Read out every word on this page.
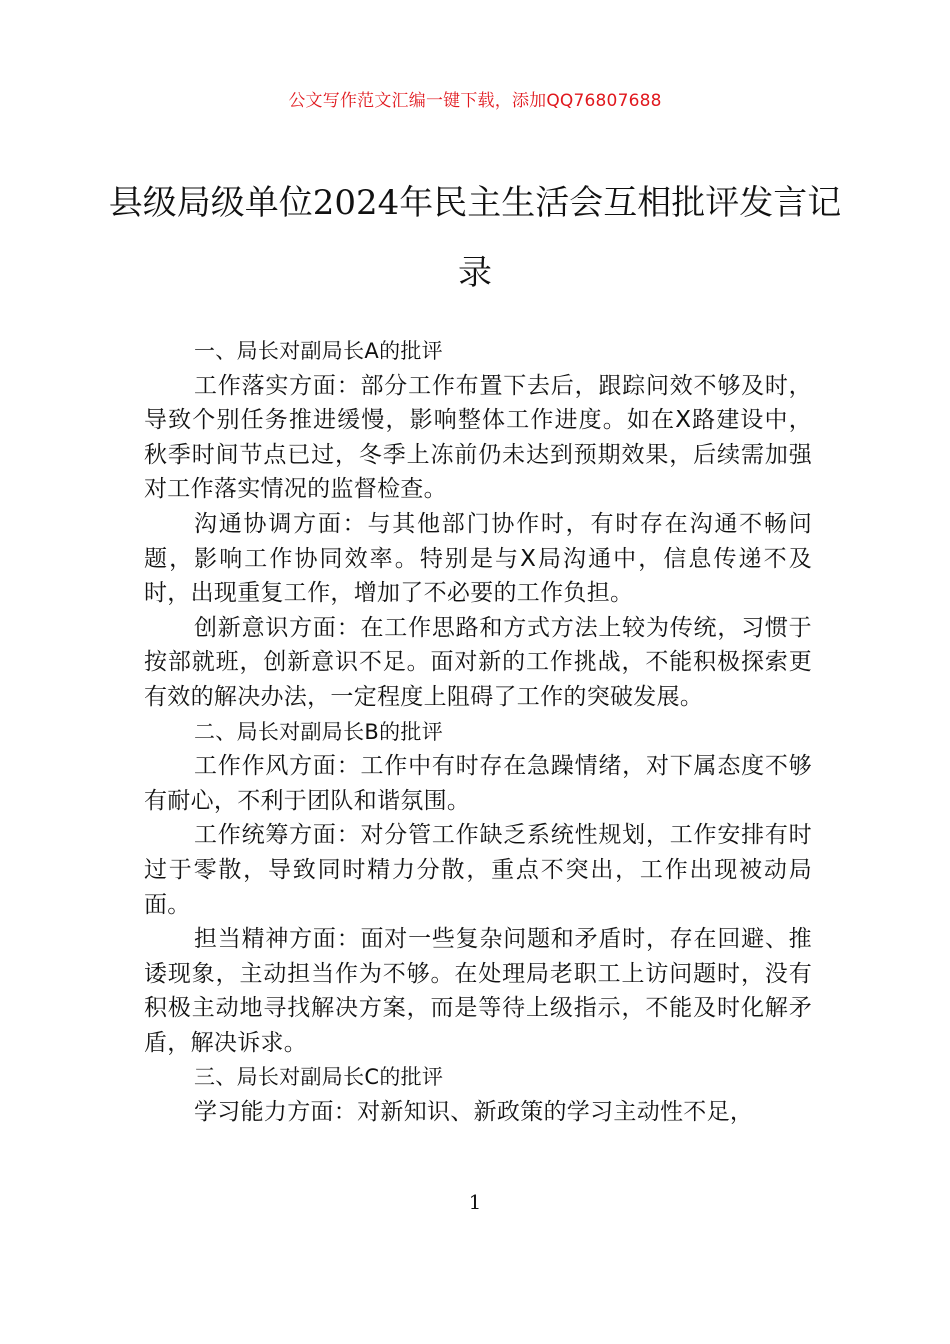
公文写作范文汇编一键下载，添加QQ76807688
县级局级单位2024年民主生活会互相批评发言记录

一、局长对副局长A的批评

工作落实方面：部分工作布置下去后，跟踪问效不够及时，导致个别任务推进缓慢，影响整体工作进度。如在X路建设中，秋季时间节点已过，冬季上冻前仍未达到预期效果，后续需加强对工作落实情况的监督检查。

沟通协调方面：与其他部门协作时，有时存在沟通不畅问题，影响工作协同效率。特别是与X局沟通中，信息传递不及时，出现重复工作，增加了不必要的工作负担。

创新意识方面：在工作思路和方式方法上较为传统，习惯于按部就班，创新意识不足。面对新的工作挑战，不能积极探索更有效的解决办法，一定程度上阻碍了工作的突破发展。

二、局长对副局长B的批评

工作作风方面：工作中有时存在急躁情绪，对下属态度不够有耐心，不利于团队和谐氛围。

工作统筹方面：对分管工作缺乏系统性规划，工作安排有时过于零散，导致同时精力分散，重点不突出，工作出现被动局面。

担当精神方面：面对一些复杂问题和矛盾时，存在回避、推诿现象，主动担当作为不够。在处理局老职工上访问题时，没有积极主动地寻找解决方案，而是等待上级指示，不能及时化解矛盾，解决诉求。

三、局长对副局长C的批评

学习能力方面：对新知识、新政策的学习主动性不足，

1
